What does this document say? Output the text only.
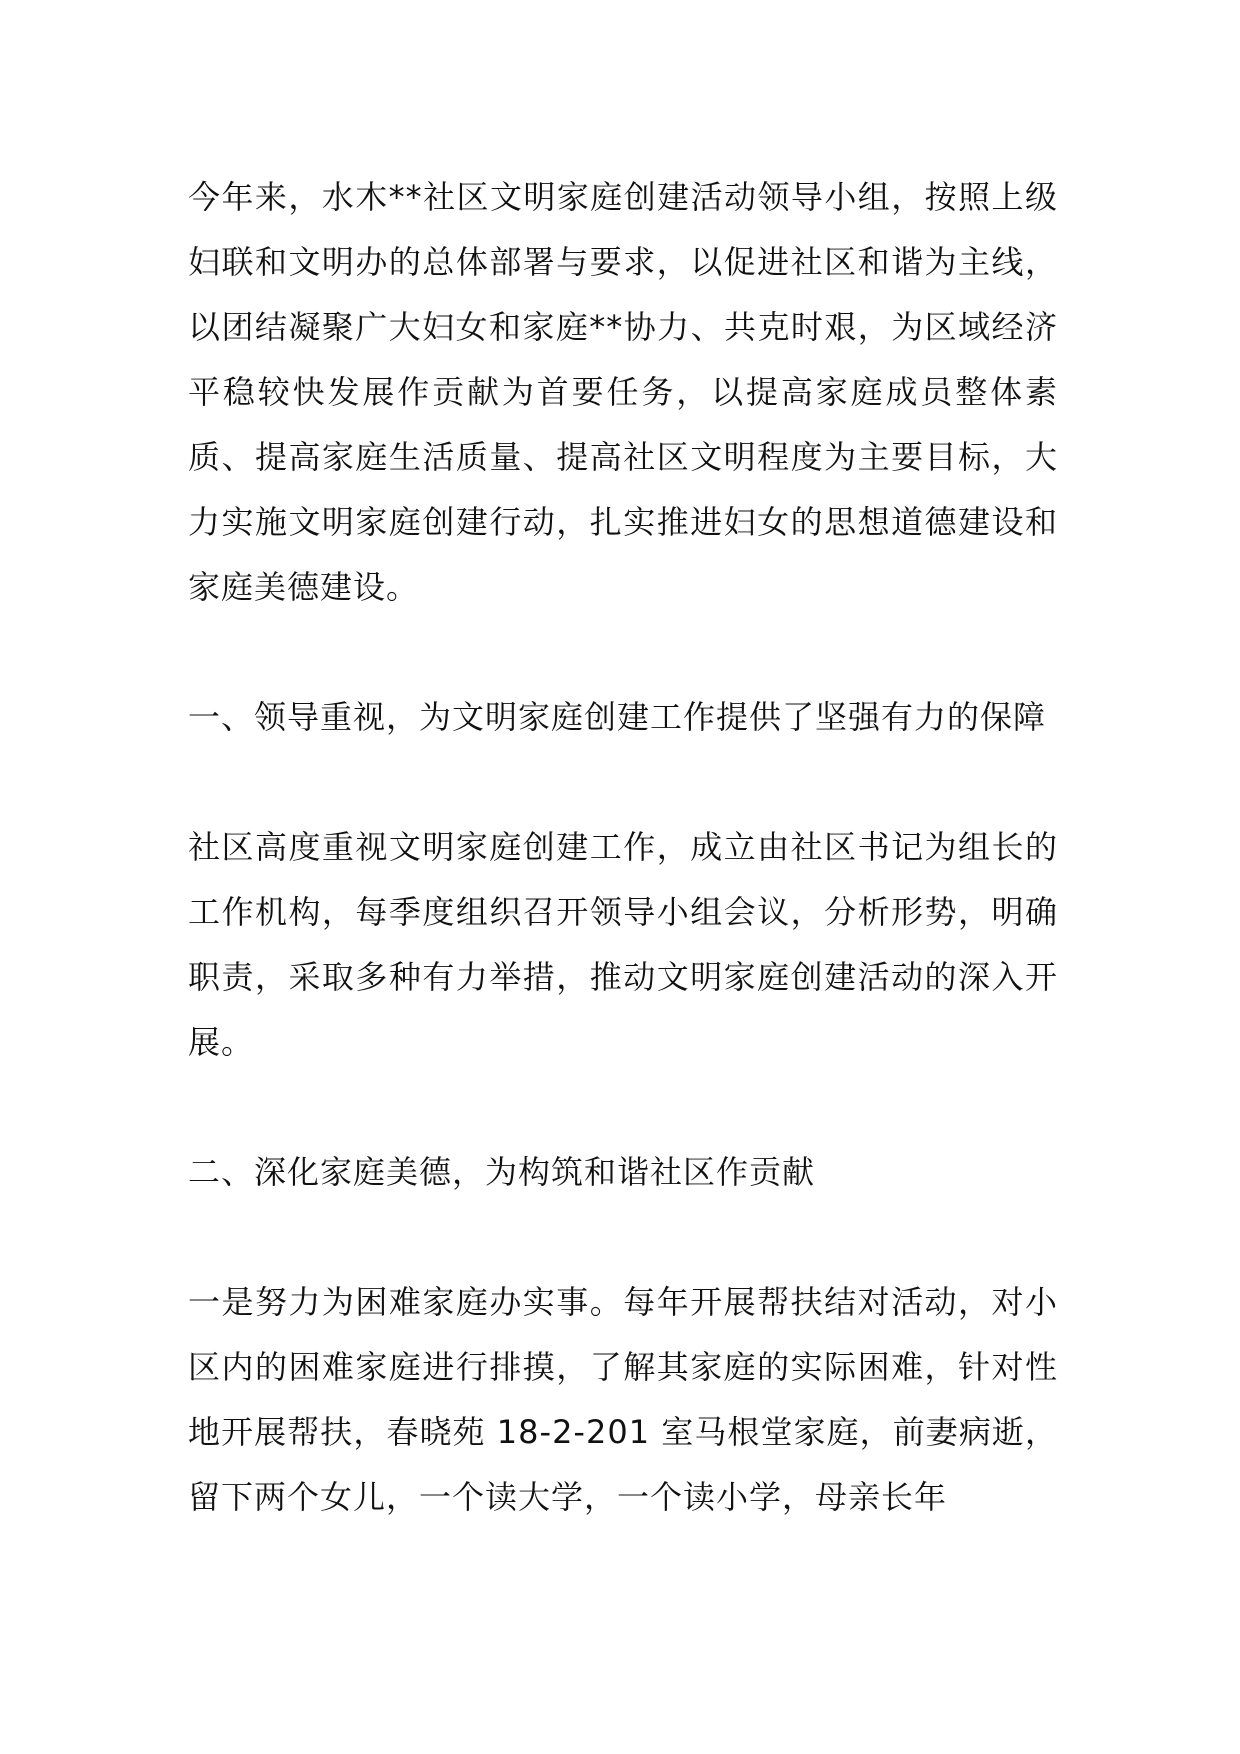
今年来，水木**社区文明家庭创建活动领导小组，按照上级妇联和文明办的总体部署与要求，以促进社区和谐为主线，以团结凝聚广大妇女和家庭**协力、共克时艰，为区域经济平稳较快发展作贡献为首要任务，以提高家庭成员整体素质、提高家庭生活质量、提高社区文明程度为主要目标，大力实施文明家庭创建行动，扎实推进妇女的思想道德建设和家庭美德建设。

一、领导重视，为文明家庭创建工作提供了坚强有力的保障

社区高度重视文明家庭创建工作，成立由社区书记为组长的工作机构，每季度组织召开领导小组会议，分析形势，明确职责，采取多种有力举措，推动文明家庭创建活动的深入开展。

二、深化家庭美德，为构筑和谐社区作贡献

一是努力为困难家庭办实事。每年开展帮扶结对活动，对小区内的困难家庭进行排摸，了解其家庭的实际困难，针对性地开展帮扶，春晓苑 18-2-201 室马根堂家庭，前妻病逝，留下两个女儿，一个读大学，一个读小学，母亲长年
